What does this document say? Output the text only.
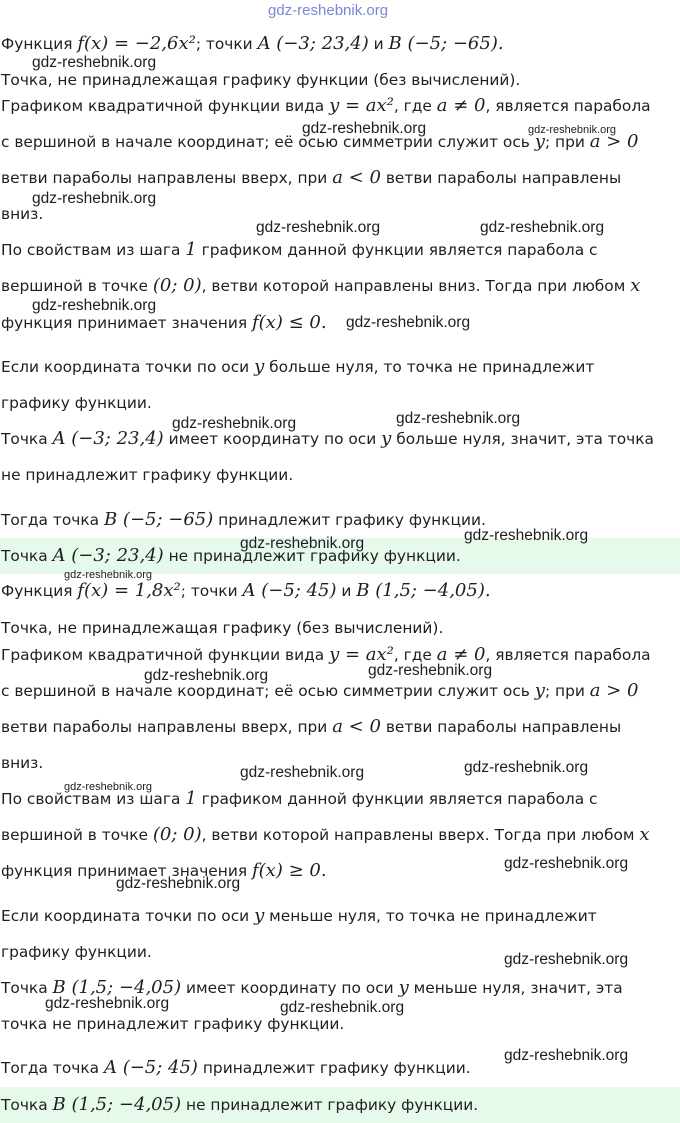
Функция f(x) = −2,6x²; точки A (−3; 23,4) и B (−5; −65).
Точка, не принадлежащая графику функции (без вычислений).
Графиком квадратичной функции вида y = ax², где a ≠ 0, является парабола
с вершиной в начале координат; её осью симметрии служит ось y; при a > 0
ветви параболы направлены вверх, при a < 0 ветви параболы направлены
вниз.
По свойствам из шага 1 графиком данной функции является парабола с
вершиной в точке (0; 0), ветви которой направлены вниз. Тогда при любом x
функция принимает значения f(x) ≤ 0.
Если координата точки по оси y больше нуля, то точка не принадлежит
графику функции.
Точка A (−3; 23,4) имеет координату по оси y больше нуля, значит, эта точка
не принадлежит графику функции.
Тогда точка B (−5; −65) принадлежит графику функции.
Точка A (−3; 23,4) не принадлежит графику функции.
Функция f(x) = 1,8x²; точки A (−5; 45) и B (1,5; −4,05).
Точка, не принадлежащая графику (без вычислений).
Графиком квадратичной функции вида y = ax², где a ≠ 0, является парабола
с вершиной в начале координат; её осью симметрии служит ось y; при a > 0
ветви параболы направлены вверх, при a < 0 ветви параболы направлены
вниз.
По свойствам из шага 1 графиком данной функции является парабола с
вершиной в точке (0; 0), ветви которой направлены вверх. Тогда при любом x
функция принимает значения f(x) ≥ 0.
Если координата точки по оси y меньше нуля, то точка не принадлежит
графику функции.
Точка B (1,5; −4,05) имеет координату по оси y меньше нуля, значит, эта
точка не принадлежит графику функции.
Тогда точка A (−5; 45) принадлежит графику функции.
Точка B (1,5; −4,05) не принадлежит графику функции.
gdz-reshebnik.org
gdz-reshebnik.org
gdz-reshebnik.org	gdz-reshebnik.org
gdz-reshebnik.org
gdz-reshebnik.org	gdz-reshebnik.org
gdz-reshebnik.org
gdz-reshebnik.org
gdz-reshebnik.org	gdz-reshebnik.org
gdz-reshebnik.org	gdz-reshebnik.org
gdz-reshebnik.org
gdz-reshebnik.org	gdz-reshebnik.org
gdz-reshebnik.org
gdz-reshebnik.org	gdz-reshebnik.org
gdz-reshebnik.org
gdz-reshebnik.org
gdz-reshebnik.org
gdz-reshebnik.org	gdz-reshebnik.org
gdz-reshebnik.org
